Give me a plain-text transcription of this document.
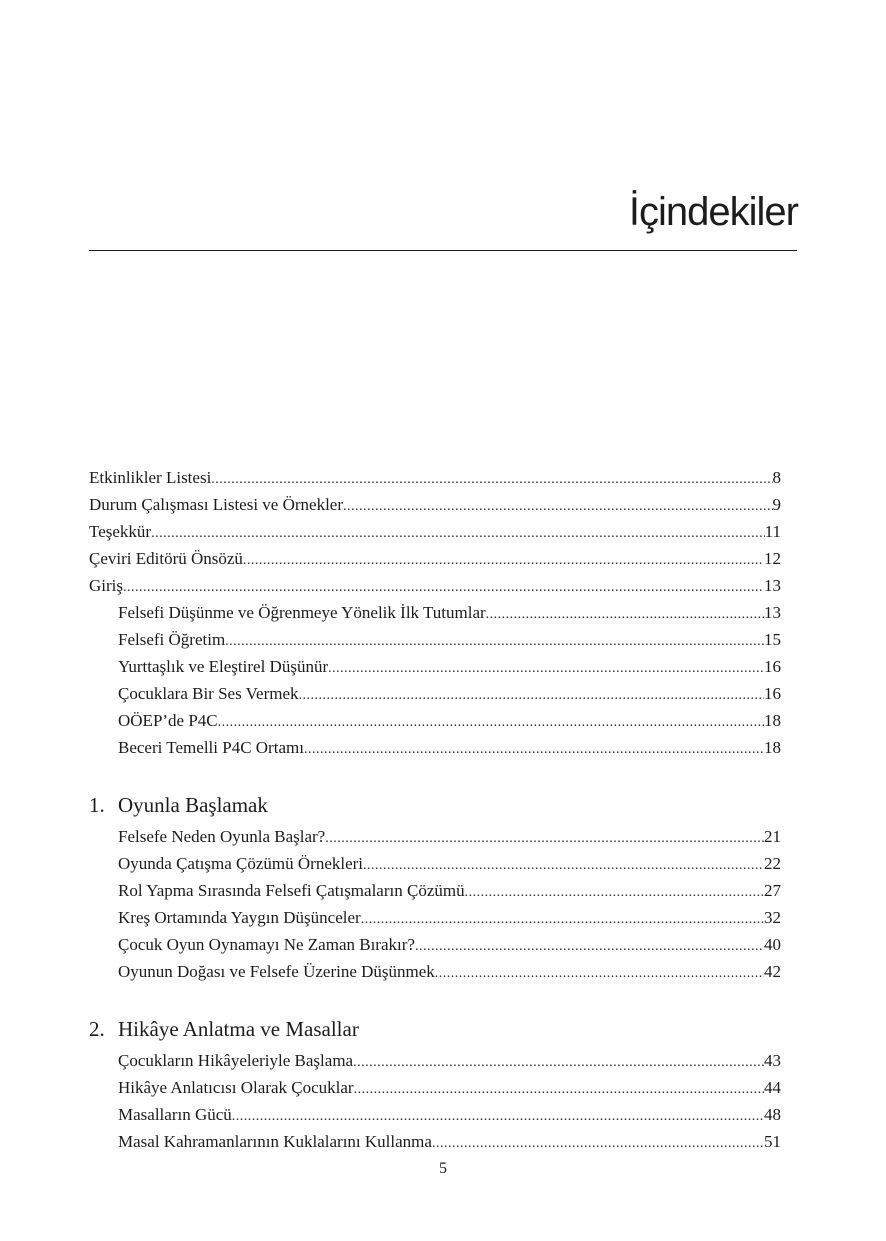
İçindekiler
Etkinlikler Listesi .....	8
Durum Çalışması Listesi ve Örnekler .....	9
Teşekkür .....	11
Çeviri Editörü Önsözü .....	12
Giriş .....	13
Felsefi Düşünme ve Öğrenmeye Yönelik İlk Tutumlar .....	13
Felsefi Öğretim .....	15
Yurttaşlık ve Eleştirel Düşünür .....	16
Çocuklara Bir Ses Vermek .....	16
OÖEP’de P4C .....	18
Beceri Temelli P4C Ortamı .....	18
1. Oyunla Başlamak
Felsefe Neden Oyunla Başlar? .....	21
Oyunda Çatışma Çözümü Örnekleri .....	22
Rol Yapma Sırasında Felsefi Çatışmaların Çözümü .....	27
Kreş Ortamında Yaygın Düşünceler .....	32
Çocuk Oyun Oynamayı Ne Zaman Bırakır? .....	40
Oyunun Doğası ve Felsefe Üzerine Düşünmek .....	42
2. Hikâye Anlatma ve Masallar
Çocukların Hikâyeleriyle Başlama .....	43
Hikâye Anlatıcısı Olarak Çocuklar .....	44
Masalların Gücü .....	48
Masal Kahramanlarının Kuklalarını Kullanma .....	51
5
